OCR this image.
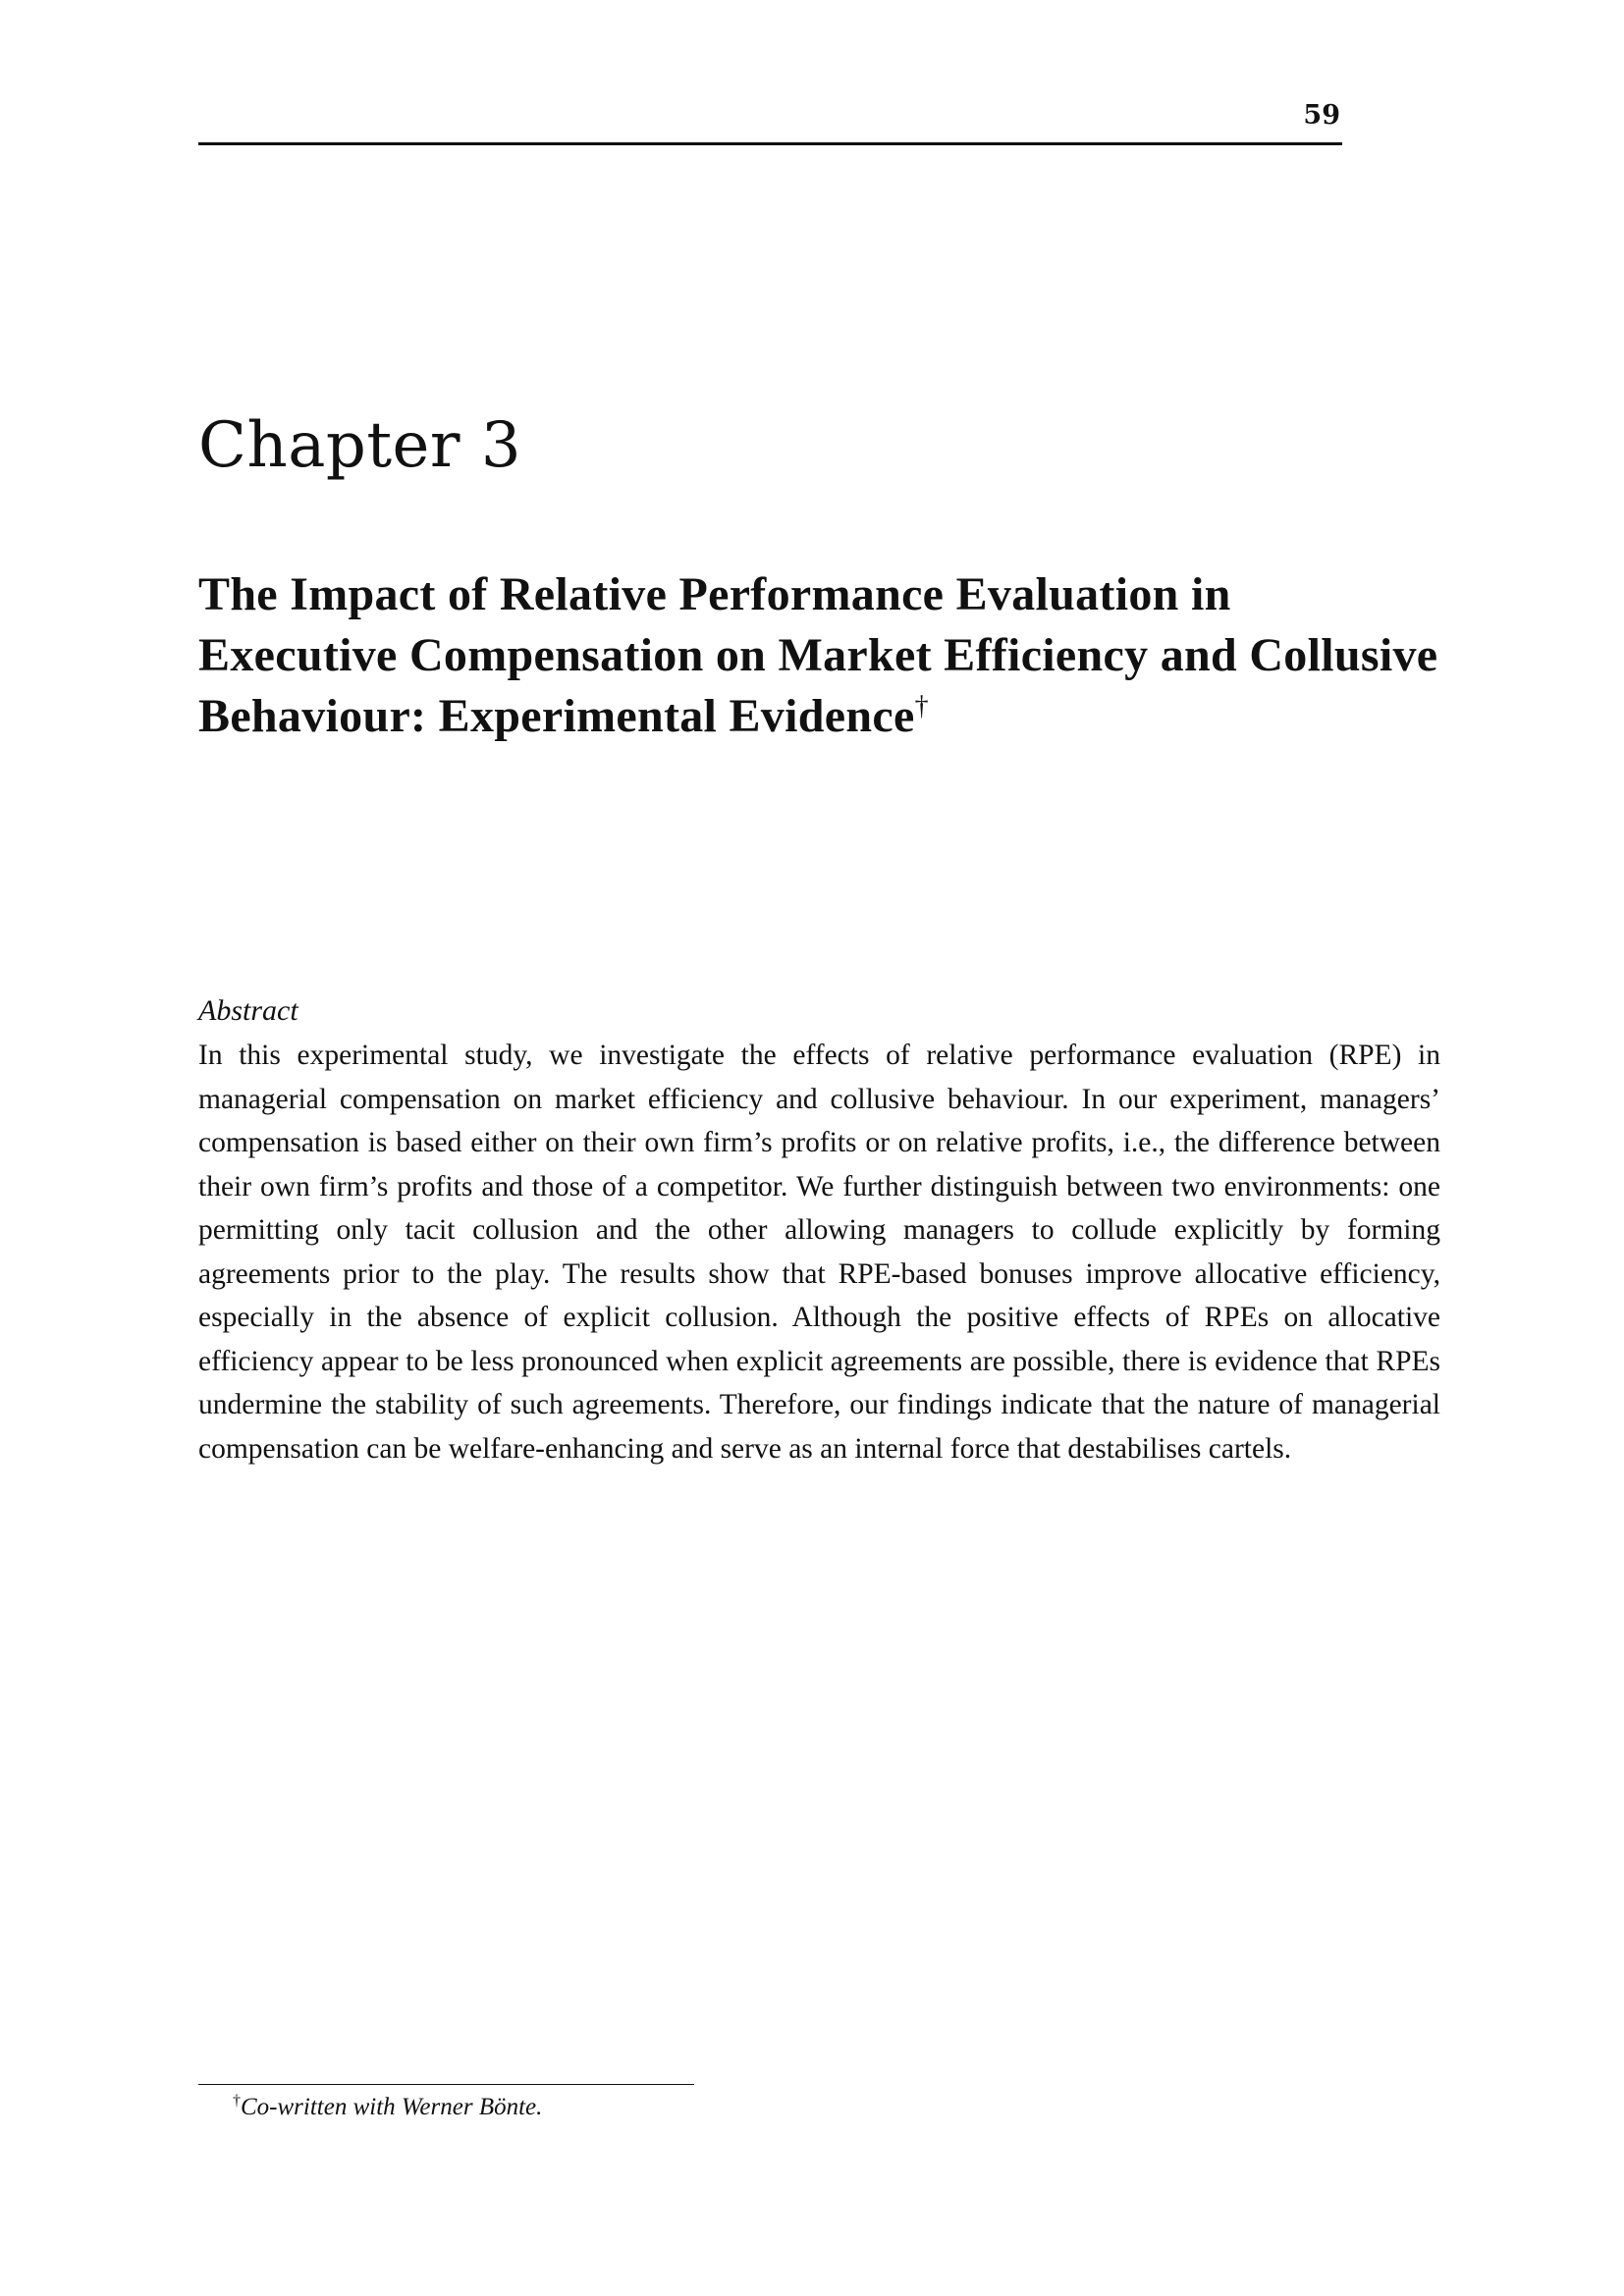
59
Chapter 3
The Impact of Relative Performance Evaluation in Executive Compensation on Market Efficiency and Collusive Behaviour: Experimental Evidence†
Abstract

In this experimental study, we investigate the effects of relative performance evaluation (RPE) in managerial compensation on market efficiency and collusive behaviour. In our experiment, managers’ compensation is based either on their own firm’s profits or on relative profits, i.e., the difference between their own firm’s profits and those of a competitor. We further distinguish between two environments: one permitting only tacit collusion and the other allowing managers to collude explicitly by forming agreements prior to the play. The results show that RPE-based bonuses improve allocative efficiency, especially in the absence of explicit collusion. Although the positive effects of RPEs on allocative efficiency appear to be less pronounced when explicit agreements are possible, there is evidence that RPEs undermine the stability of such agreements. Therefore, our findings indicate that the nature of managerial compensation can be welfare-enhancing and serve as an internal force that destabilises cartels.

†Co-written with Werner Bönte.
